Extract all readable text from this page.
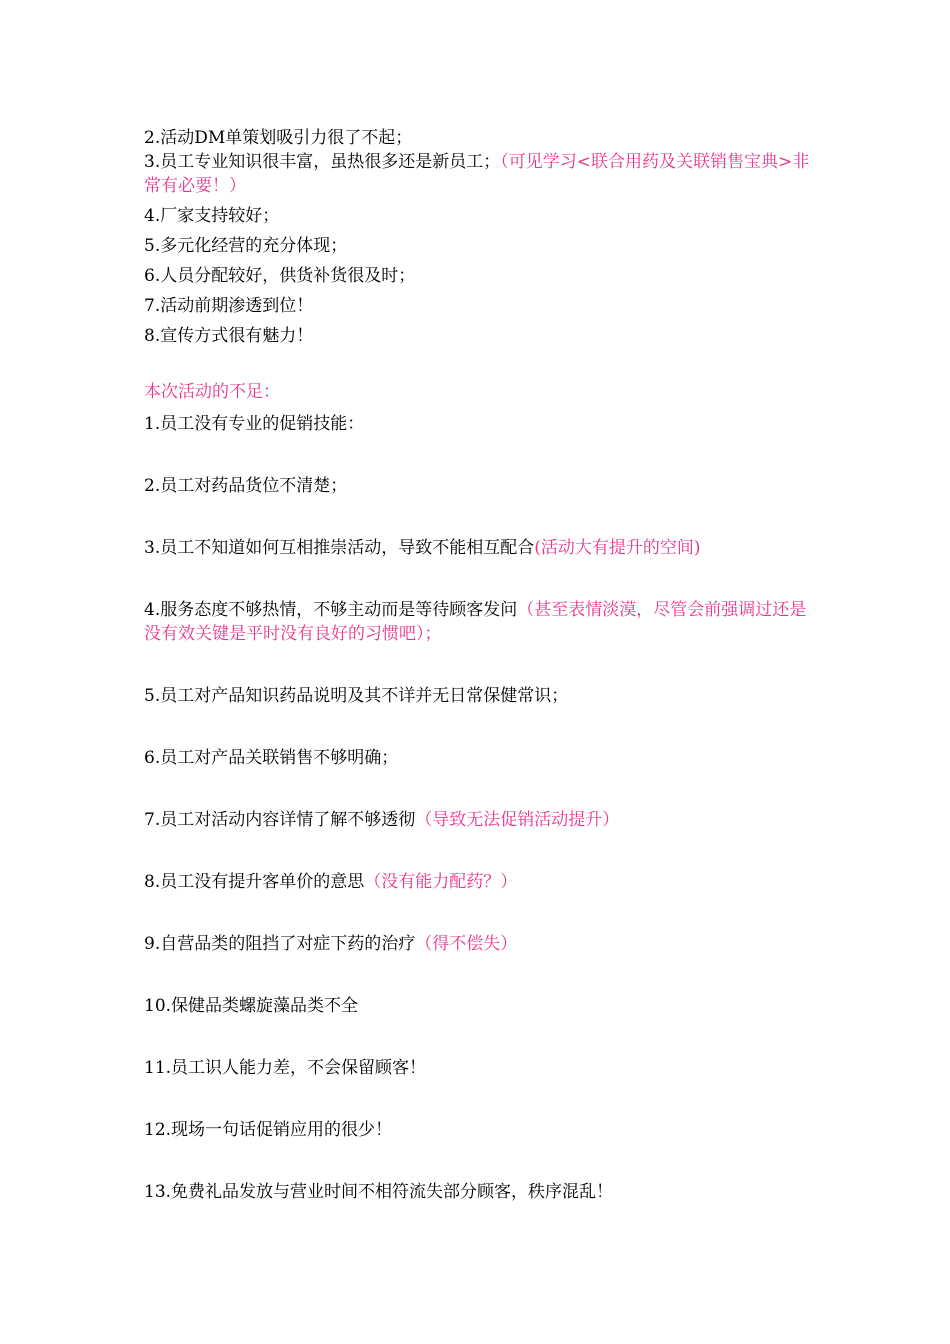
2.活动DM单策划吸引力很了不起；
3.员工专业知识很丰富，虽热很多还是新员工；（可见学习<联合用药及关联销售宝典>非常有必要！）
4.厂家支持较好；
5.多元化经营的充分体现；
6.人员分配较好，供货补货很及时；
7.活动前期渗透到位！
8.宣传方式很有魅力！
本次活动的不足：
1.员工没有专业的促销技能：
2.员工对药品货位不清楚；
3.员工不知道如何互相推崇活动，导致不能相互配合(活动大有提升的空间)
4.服务态度不够热情，不够主动而是等待顾客发问（甚至表情淡漠，尽管会前强调过还是没有效关键是平时没有良好的习惯吧）；
5.员工对产品知识药品说明及其不详并无日常保健常识；
6.员工对产品关联销售不够明确；
7.员工对活动内容详情了解不够透彻（导致无法促销活动提升）
8.员工没有提升客单价的意思（没有能力配药？）
9.自营品类的阻挡了对症下药的治疗（得不偿失）
10.保健品类螺旋藻品类不全
11.员工识人能力差，不会保留顾客！
12.现场一句话促销应用的很少！
13.免费礼品发放与营业时间不相符流失部分顾客，秩序混乱！
